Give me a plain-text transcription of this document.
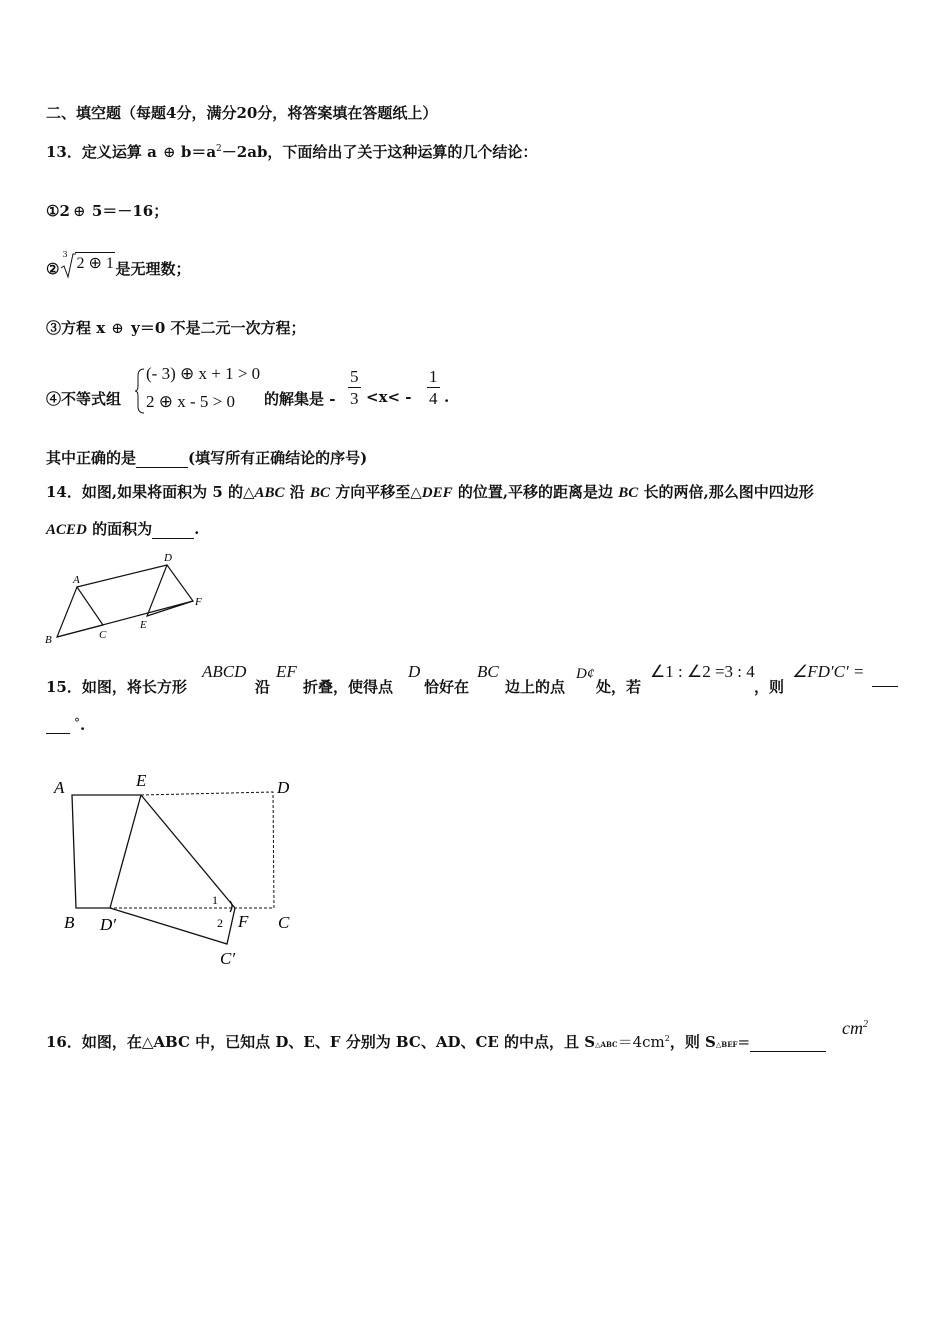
二、填空题（每题4分，满分20分，将答案填在答题纸上）
13．定义运算 a ⊕ $b=a^2-2ab$，下面给出了关于这种运算的几个结论：
①2 ⊕ 5＝－16；
②
3
2 ⊕ 1 是无理数；
③方程 x ⊕ y＝0 不是二元一次方程；
④不等式组
(- 3) ⊕ x + 1 > 0
2 ⊕ x - 5 > 0 的解集是 - $\frac{5}{3} <x< - \frac{1}{4}$ .
其中正确的是	(填写所有正确结论的序号)
14．如图,如果将面积为 5 的△ABC 沿 BC 方向平移至△DEF 的位置,平移的距离是边 BC 长的两倍,那么图中四边形
ACED 的面积为	.
A
B	C
D
E
F
15．如图，将长方形
ABCD
沿
EF
折叠，使得点
D
恰好在
BC
边上的点
D¢
处，若
∠1 : ∠2 =3 : 4
，则
∠FD′C′ =
°.
A	E	D
B D′	F C
C′
1
2
16．如图，在△ABC 中，已知点 D、E、F 分别为 BC、AD、CE 的中点，且 $S\triangle ABC=4cm^2$，则 S△BEF=
$cm^2$
